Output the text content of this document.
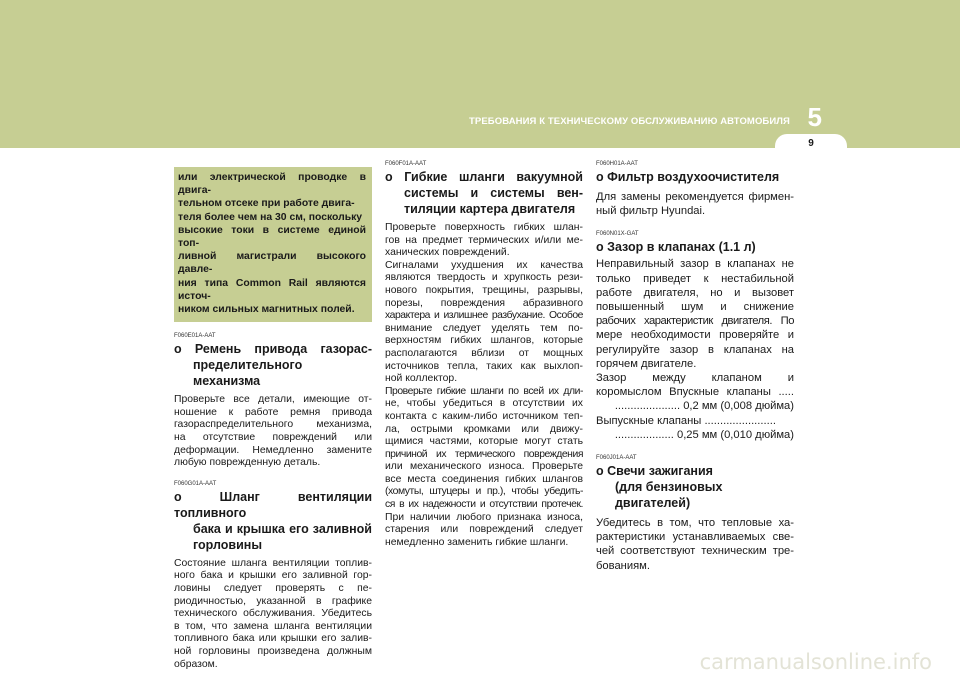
ТРЕБОВАНИЯ К ТЕХНИЧЕСКОМУ ОБСЛУЖИВАНИЮ АВТОМОБИЛЯ 5
9
или электрической проводке в двига-
тельном отсеке при работе двига-
теля более чем на 30 см, поскольку
высокие токи в системе единой топ-
ливной магистрали высокого давле-
ния типа Common Rail являются источ-
ником сильных магнитных полей.
F060E01A-AAT
o Ремень привода газорас-
пределительного механизма
Проверьте все детали, имеющие от-
ношение к работе ремня привода
газораспределительного механизма,
на отсутствие повреждений или
деформации. Немедленно замените
любую поврежденную деталь.
F060G01A-AAT
o Шланг вентиляции топливного
бака и крышка его заливной
горловины
Состояние шланга вентиляции топлив-
ного бака и крышки его заливной гор-
ловины следует проверять с пе-
риодичностью, указанной в графике
технического обслуживания. Убедитесь
в том, что замена шланга вентиляции
топливного бака или крышки его залив-
ной горловины произведена должным
образом.
F060F01A-AAT
o Гибкие шланги вакуумной
системы и системы вен-
тиляции картера двигателя
Проверьте поверхность гибких шлан-
гов на предмет термических и/или ме-
ханических повреждений.
Сигналами ухудшения их качества
являются твердость и хрупкость рези-
нового покрытия, трещины, разрывы,
порезы, повреждения абразивного
характера и излишнее разбухание. Особое
внимание следует уделять тем по-
верхностям гибких шлангов, которые
располагаются вблизи от мощных
источников тепла, таких как выхлоп-
ной коллектор.
Проверьте гибкие шланги по всей их дли-
не, чтобы убедиться в отсутствии их
контакта с каким-либо источником теп-
ла, острыми кромками или движу-
щимися частями, которые могут стать
причиной их термического повреждения
или механического износа. Проверьте
все места соединения гибких шлангов
(хомуты, штуцеры и пр.), чтобы убедить-
ся в их надежности и отсутствии протечек.
При наличии любого признака износа,
старения или повреждений следует
немедленно заменить гибкие шланги.
F060H01A-AAT
o Фильтр воздухоочистителя
Для замены рекомендуется фирмен-
ный фильтр Hyundai.
F060N01X-GAT
o Зазор в клапанах (1.1 л)
Неправильный зазор в клапанах не
только приведет к нестабильной
работе двигателя, но и вызовет
повышенный шум и снижение
рабочих характеристик двигателя. По
мере необходимости проверяйте и
регулируйте зазор в клапанах на
горячем двигателе.
Зазор между клапаном и
коромыслом Впускные клапаны .....
..................... 0,2 мм (0,008 дюйма)
Выпускные клапаны .......................
................... 0,25 мм (0,010 дюйма)
F060J01A-AAT
o Свечи зажигания
(для бензиновых двигателей)
Убедитесь в том, что тепловые ха-
рактеристики устанавливаемых све-
чей соответствуют техническим тре-
бованиям.
carmanualsonline.info
